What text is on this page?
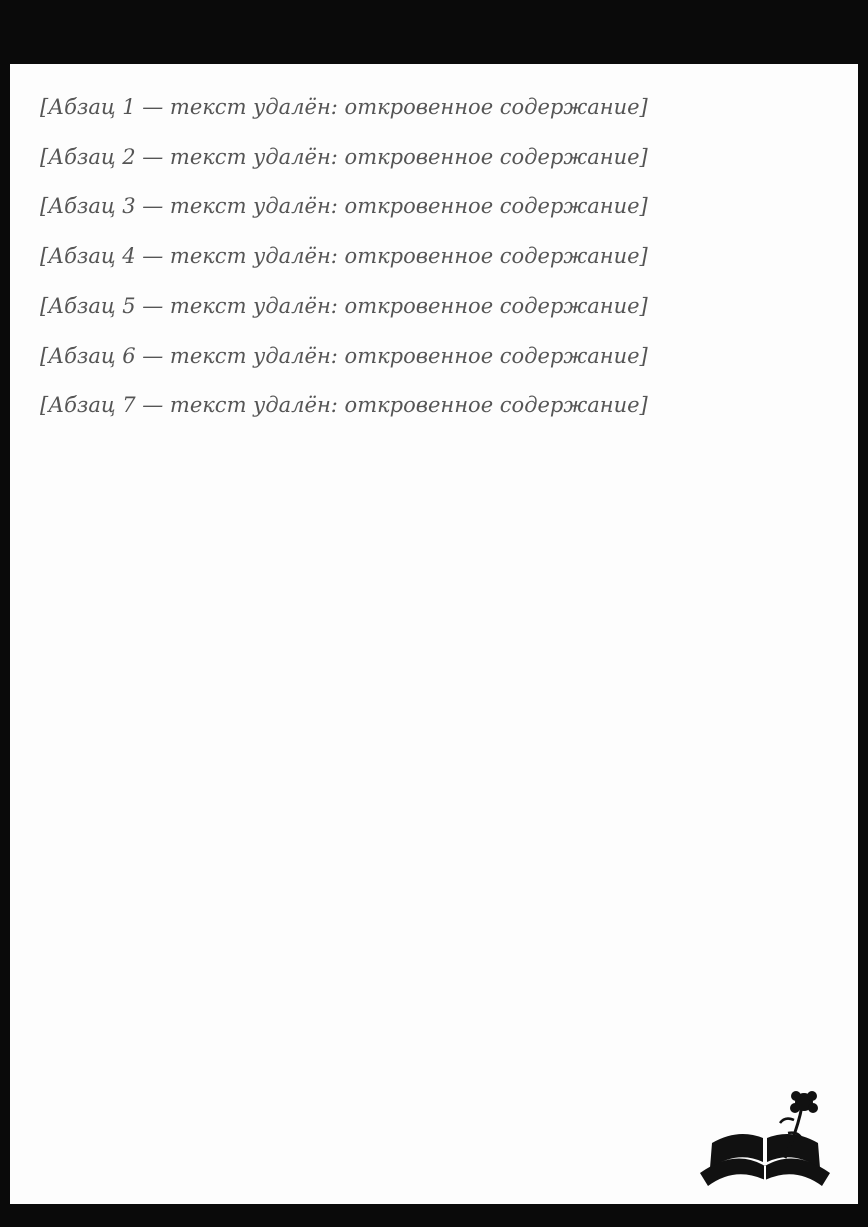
[Абзац 1 — текст удалён: откровенное содержание]

[Абзац 2 — текст удалён: откровенное содержание]

[Абзац 3 — текст удалён: откровенное содержание]

[Абзац 4 — текст удалён: откровенное содержание]

[Абзац 5 — текст удалён: откровенное содержание]

[Абзац 6 — текст удалён: откровенное содержание]

[Абзац 7 — текст удалён: откровенное содержание]
